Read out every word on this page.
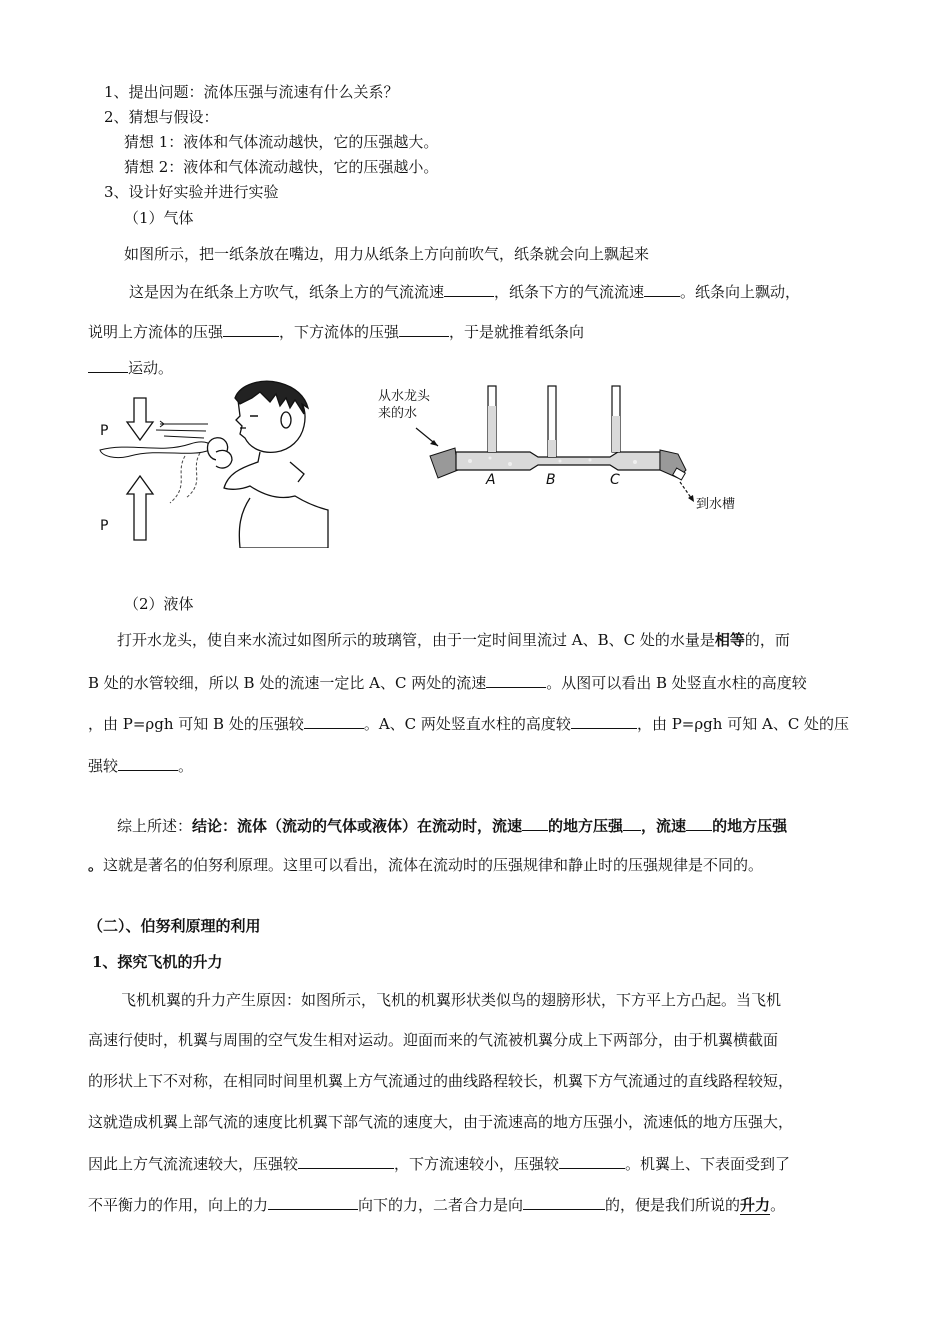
1、提出问题：流体压强与流速有什么关系？
2、猜想与假设：
猜想 1：液体和气体流动越快，它的压强越大。
猜想 2：液体和气体流动越快，它的压强越小。
3、设计好实验并进行实验
（1）气体
如图所示，把一纸条放在嘴边，用力从纸条上方向前吹气，纸条就会向上飘起来
这是因为在纸条上方吹气，纸条上方的气流流速	，纸条下方的气流流速 。纸条向上飘动，
说明上方流体的压强	，下方流体的压强	，于是就推着纸条向
运动。
P
P
从水龙头
来的水
A	B	C
到水槽
（2）液体
打开水龙头，使自来水流过如图所示的玻璃管，由于一定时间里流过 A、B、C 处的水量是相等的，而
B 处的水管较细，所以 B 处的流速一定比 A、C 两处的流速	。从图可以看出 B 处竖直水柱的高度较
，由 P=ρgh 可知 B 处的压强较	。A、C 两处竖直水柱的高度较	，由 P=ρgh 可知 A、C 处的压
强较	。
综上所述：结论：流体（流动的气体或液体）在流动时，流速 的地方压强 ，流速 的地方压强
。这就是著名的伯努利原理。这里可以看出，流体在流动时的压强规律和静止时的压强规律是不同的。
（二）、伯努利原理的利用
1、探究飞机的升力
飞机机翼的升力产生原因：如图所示，飞机的机翼形状类似鸟的翅膀形状，下方平上方凸起。当飞机
高速行使时，机翼与周围的空气发生相对运动。迎面而来的气流被机翼分成上下两部分，由于机翼横截面
的形状上下不对称，在相同时间里机翼上方气流通过的曲线路程较长，机翼下方气流通过的直线路程较短，
这就造成机翼上部气流的速度比机翼下部气流的速度大，由于流速高的地方压强小，流速低的地方压强大，
因此上方气流流速较大，压强较	，下方流速较小，压强较	。机翼上、下表面受到了
不平衡力的作用，向上的力	向下的力，二者合力是向	的，便是我们所说的升力。
